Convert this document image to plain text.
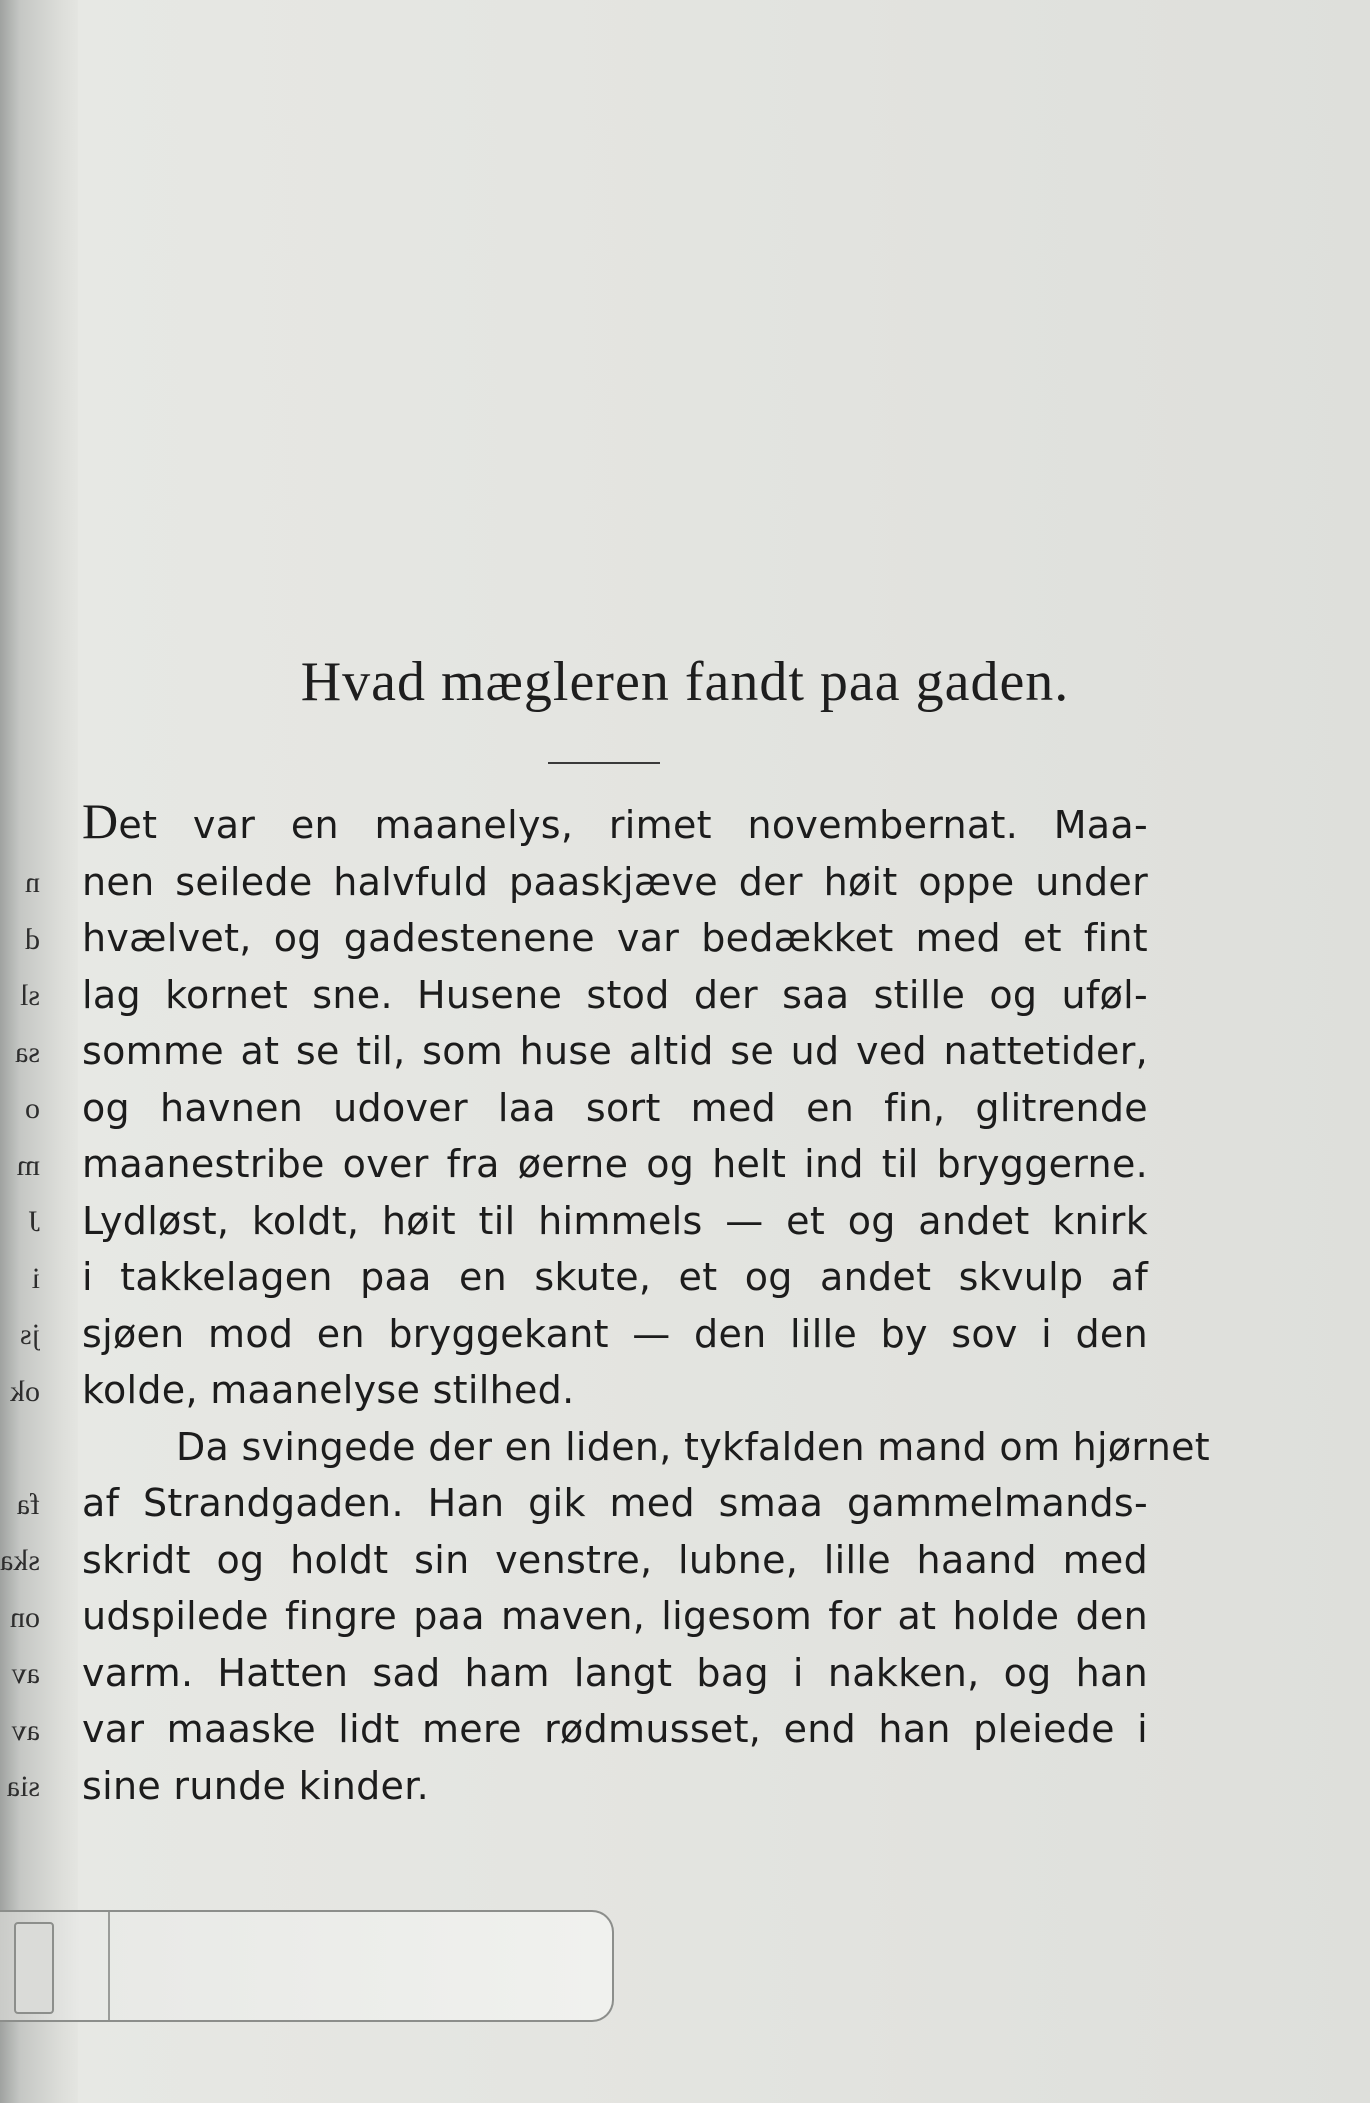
n
d
sl
sa
o
m
J
i
js
ok
fa
ska
on
av
av
sia
Hvad mægleren fandt paa gaden.

Det var en maanelys, rimet novembernat. Maa-
nen seilede halvfuld paaskjæve der høit oppe under
hvælvet, og gadestenene var bedækket med et fint
lag kornet sne. Husene stod der saa stille og uføl-
somme at se til, som huse altid se ud ved nattetider,
og havnen udover laa sort med en fin, glitrende
maanestribe over fra øerne og helt ind til bryggerne.
Lydløst, koldt, høit til himmels — et og andet knirk
i takkelagen paa en skute, et og andet skvulp af
sjøen mod en bryggekant — den lille by sov i den
kolde, maanelyse stilhed.

Da svingede der en liden, tykfalden mand om hjørnet
af Strandgaden. Han gik med smaa gammelmands-
skridt og holdt sin venstre, lubne, lille haand med
udspilede fingre paa maven, ligesom for at holde den
varm. Hatten sad ham langt bag i nakken, og han
var maaske lidt mere rødmusset, end han pleiede i
sine runde kinder.
